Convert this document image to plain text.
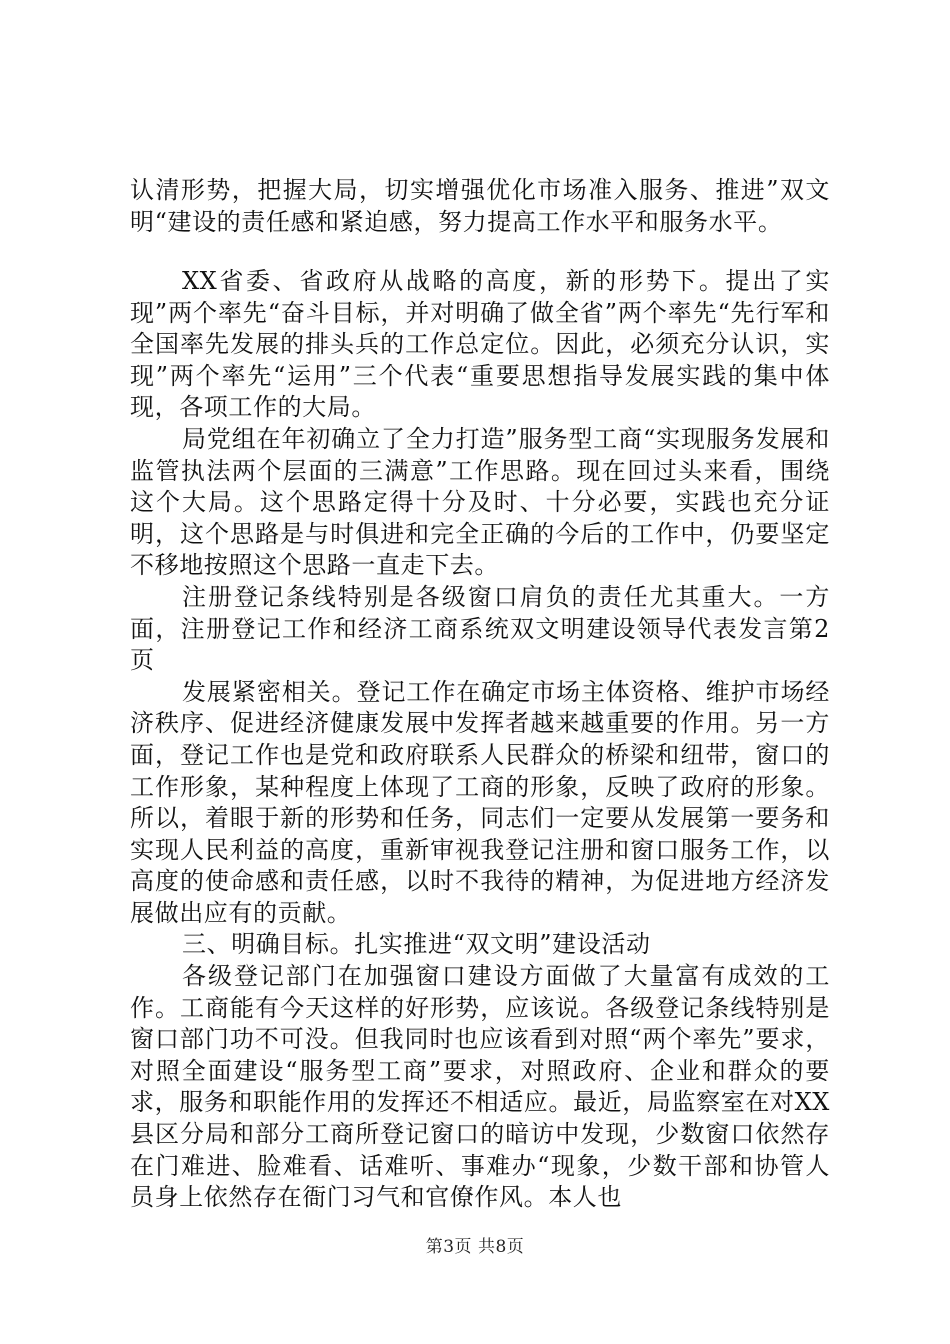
认清形势，把握大局，切实增强优化市场准入服务、推进”双文明“建设的责任感和紧迫感，努力提高工作水平和服务水平。

XX省委、省政府从战略的高度，新的形势下。提出了实现”两个率先“奋斗目标，并对明确了做全省”两个率先“先行军和全国率先发展的排头兵的工作总定位。因此，必须充分认识，实现”两个率先“运用”三个代表“重要思想指导发展实践的集中体现，各项工作的大局。

局党组在年初确立了全力打造”服务型工商“实现服务发展和监管执法两个层面的三满意”工作思路。现在回过头来看，围绕这个大局。这个思路定得十分及时、十分必要，实践也充分证明，这个思路是与时俱进和完全正确的今后的工作中，仍要坚定不移地按照这个思路一直走下去。

注册登记条线特别是各级窗口肩负的责任尤其重大。一方面，注册登记工作和经济工商系统双文明建设领导代表发言第2页

发展紧密相关。登记工作在确定市场主体资格、维护市场经济秩序、促进经济健康发展中发挥者越来越重要的作用。另一方面，登记工作也是党和政府联系人民群众的桥梁和纽带，窗口的工作形象，某种程度上体现了工商的形象，反映了政府的形象。所以，着眼于新的形势和任务，同志们一定要从发展第一要务和实现人民利益的高度，重新审视我登记注册和窗口服务工作，以高度的使命感和责任感，以时不我待的精神，为促进地方经济发展做出应有的贡献。

三、明确目标。扎实推进“双文明”建设活动

各级登记部门在加强窗口建设方面做了大量富有成效的工作。工商能有今天这样的好形势，应该说。各级登记条线特别是窗口部门功不可没。但我同时也应该看到对照“两个率先”要求，对照全面建设“服务型工商”要求，对照政府、企业和群众的要求，服务和职能作用的发挥还不相适应。最近，局监察室在对XX县区分局和部分工商所登记窗口的暗访中发现，少数窗口依然存在门难进、脸难看、话难听、事难办“现象，少数干部和协管人员身上依然存在衙门习气和官僚作风。本人也

第3页 共8页
